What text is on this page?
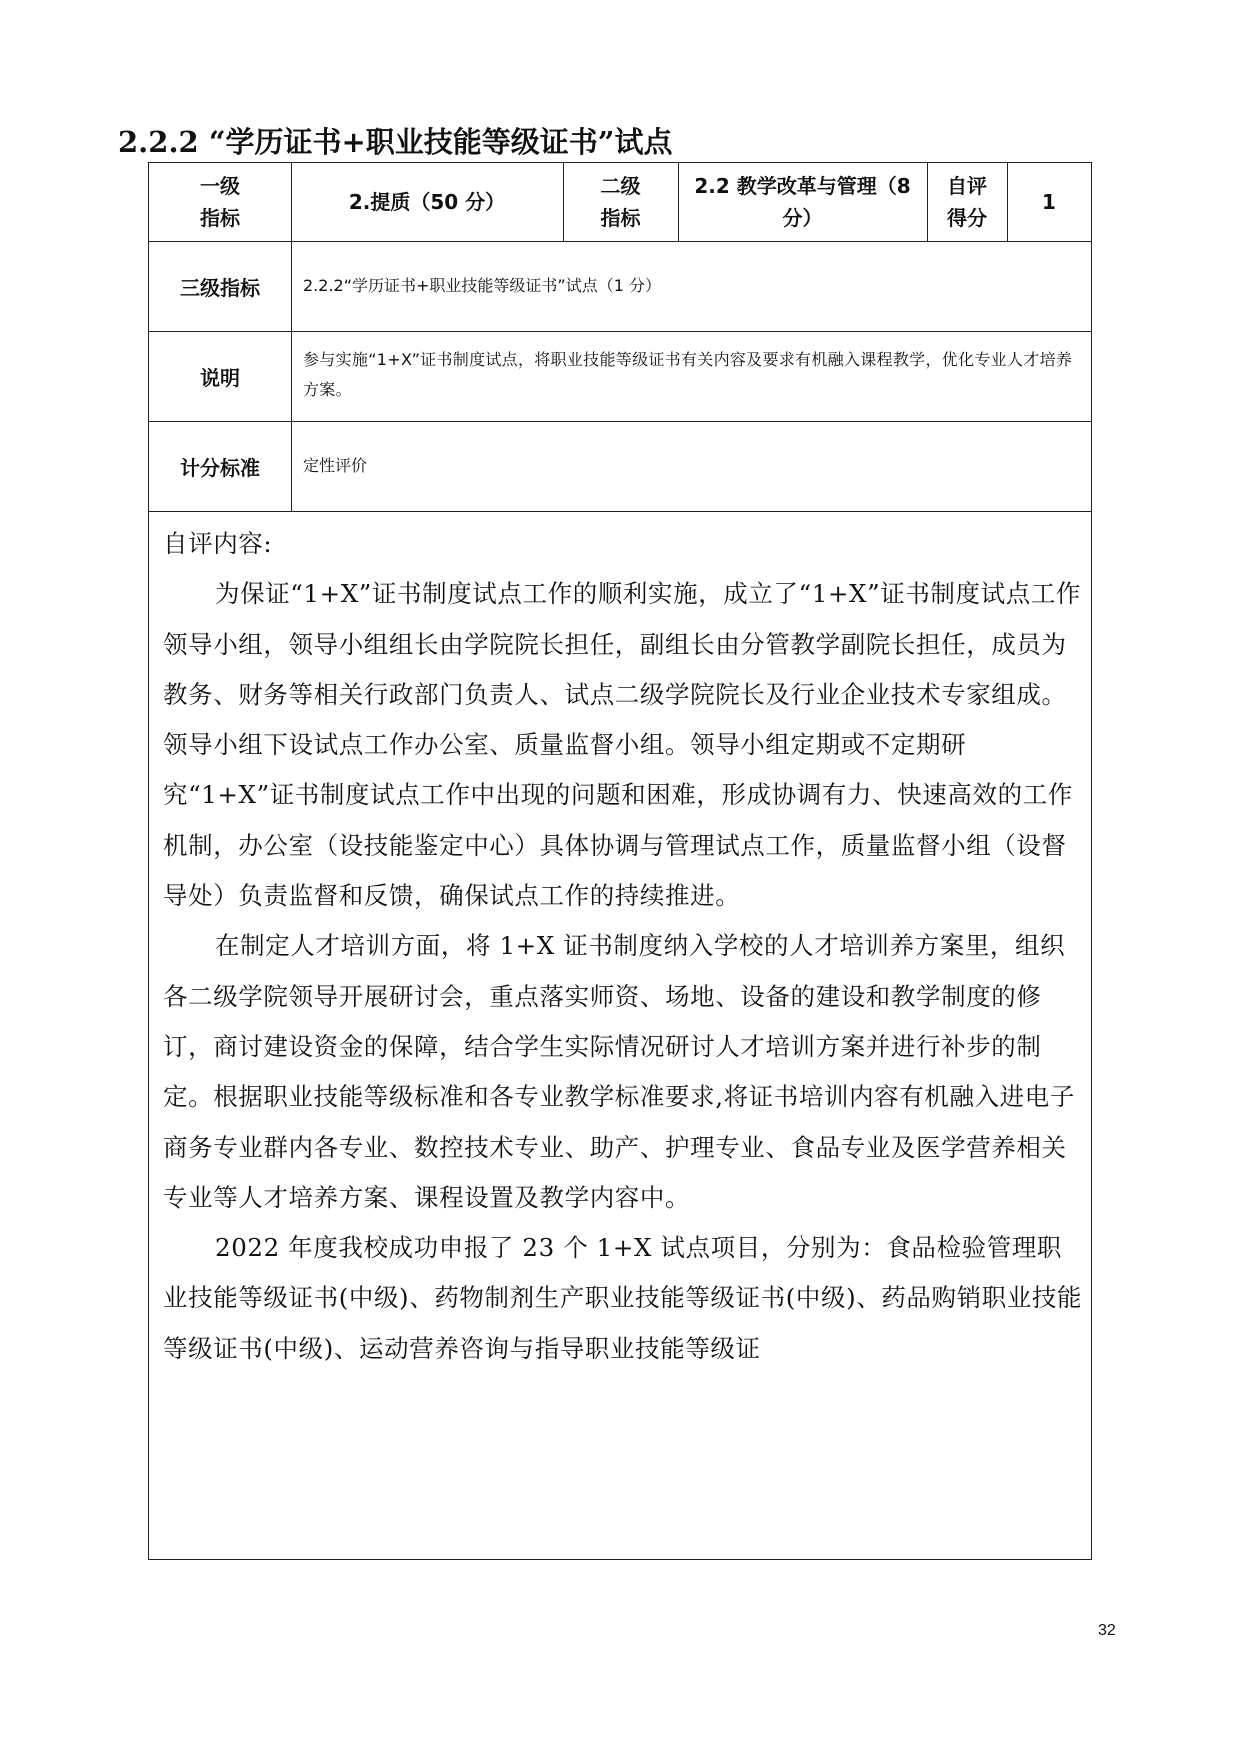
2.2.2 “学历证书+职业技能等级证书”试点
一级
指标
2.提质（50 分）
二级
指标
2.2 教学改革与管理（8
分）
自评
得分
1
三级指标	2.2.2“学历证书+职业技能等级证书”试点（1 分）
说明
参与实施“1+X”证书制度试点，将职业技能等级证书有关内容及要求有机融入课程教学，优化专业人才培养方案。
计分标准	定性评价

自评内容:

为保证“1+X”证书制度试点工作的顺利实施，成立了“1+X”证书制度试点工作领导小组，领导小组组长由学院院长担任，副组长由分管教学副院长担任，成员为教务、财务等相关行政部门负责人、试点二级学院院长及行业企业技术专家组成。领导小组下设试点工作办公室、质量监督小组。领导小组定期或不定期研究“1+X”证书制度试点工作中出现的问题和困难，形成协调有力、快速高效的工作机制，办公室（设技能鉴定中心）具体协调与管理试点工作，质量监督小组（设督导处）负责监督和反馈，确保试点工作的持续推进。

在制定人才培训方面，将 1+X 证书制度纳入学校的人才培训养方案里，组织各二级学院领导开展研讨会，重点落实师资、场地、设备的建设和教学制度的修订，商讨建设资金的保障，结合学生实际情况研讨人才培训方案并进行补步的制定。根据职业技能等级标准和各专业教学标准要求,将证书培训内容有机融入进电子商务专业群内各专业、数控技术专业、助产、护理专业、食品专业及医学营养相关专业等人才培养方案、课程设置及教学内容中。

2022 年度我校成功申报了 23 个 1+X 试点项目，分别为：食品检验管理职业技能等级证书(中级)、药物制剂生产职业技能等级证书(中级)、药品购销职业技能等级证书(中级)、运动营养咨询与指导职业技能等级证

32
